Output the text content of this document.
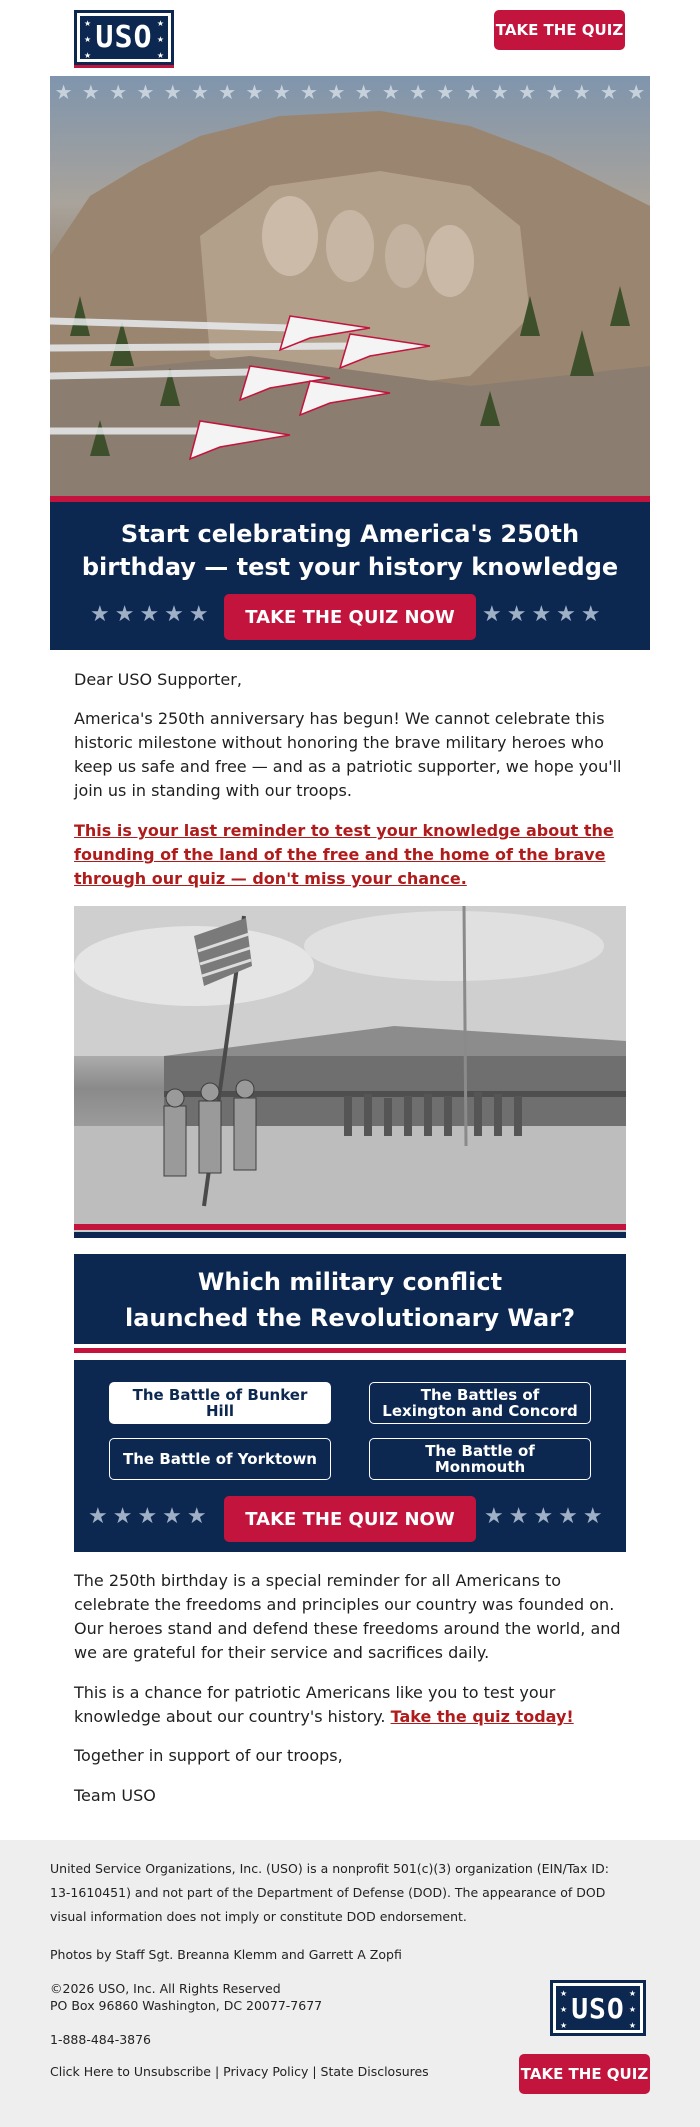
★
★
★
★
★
★
USO	TAKE THE QUIZ
★ ★ ★ ★ ★ ★ ★ ★ ★ ★ ★ ★ ★ ★ ★ ★ ★ ★ ★ ★ ★ ★
Start celebrating America's 250th birthday — test your history knowledge
★★★★★	TAKE THE QUIZ NOW	★★★★★
Dear USO Supporter,
America's 250th anniversary has begun! We cannot celebrate this historic milestone without honoring the brave military heroes who keep us safe and free — and as a patriotic supporter, we hope you'll join us in standing with our troops.
This is your last reminder to test your knowledge about the founding of the land of the free and the home of the brave through our quiz — don't miss your chance.
Which military conflict
launched the Revolutionary War?
The Battle of Bunker Hill
The Battles of Lexington and Concord
The Battle of Yorktown	The Battle of Monmouth
★★★★★	TAKE THE QUIZ NOW	★★★★★
The 250th birthday is a special reminder for all Americans to celebrate the freedoms and principles our country was founded on. Our heroes stand and defend these freedoms around the world, and we are grateful for their service and sacrifices daily.
This is a chance for patriotic Americans like you to test your knowledge about our country's history. Take the quiz today!
Together in support of our troops,
Team USO
United Service Organizations, Inc. (USO) is a nonprofit 501(c)(3) organization (EIN/Tax ID: 13-1610451) and not part of the Department of Defense (DOD). The appearance of DOD visual information does not imply or constitute DOD endorsement.
Photos by Staff Sgt. Breanna Klemm and Garrett A Zopfi
©2026 USO, Inc. All Rights Reserved
PO Box 96860 Washington, DC 20077-7677
1-888-484-3876
Click Here to Unsubscribe | Privacy Policy | State Disclosures
★
★
★
★
★
★
USO
TAKE THE QUIZ
